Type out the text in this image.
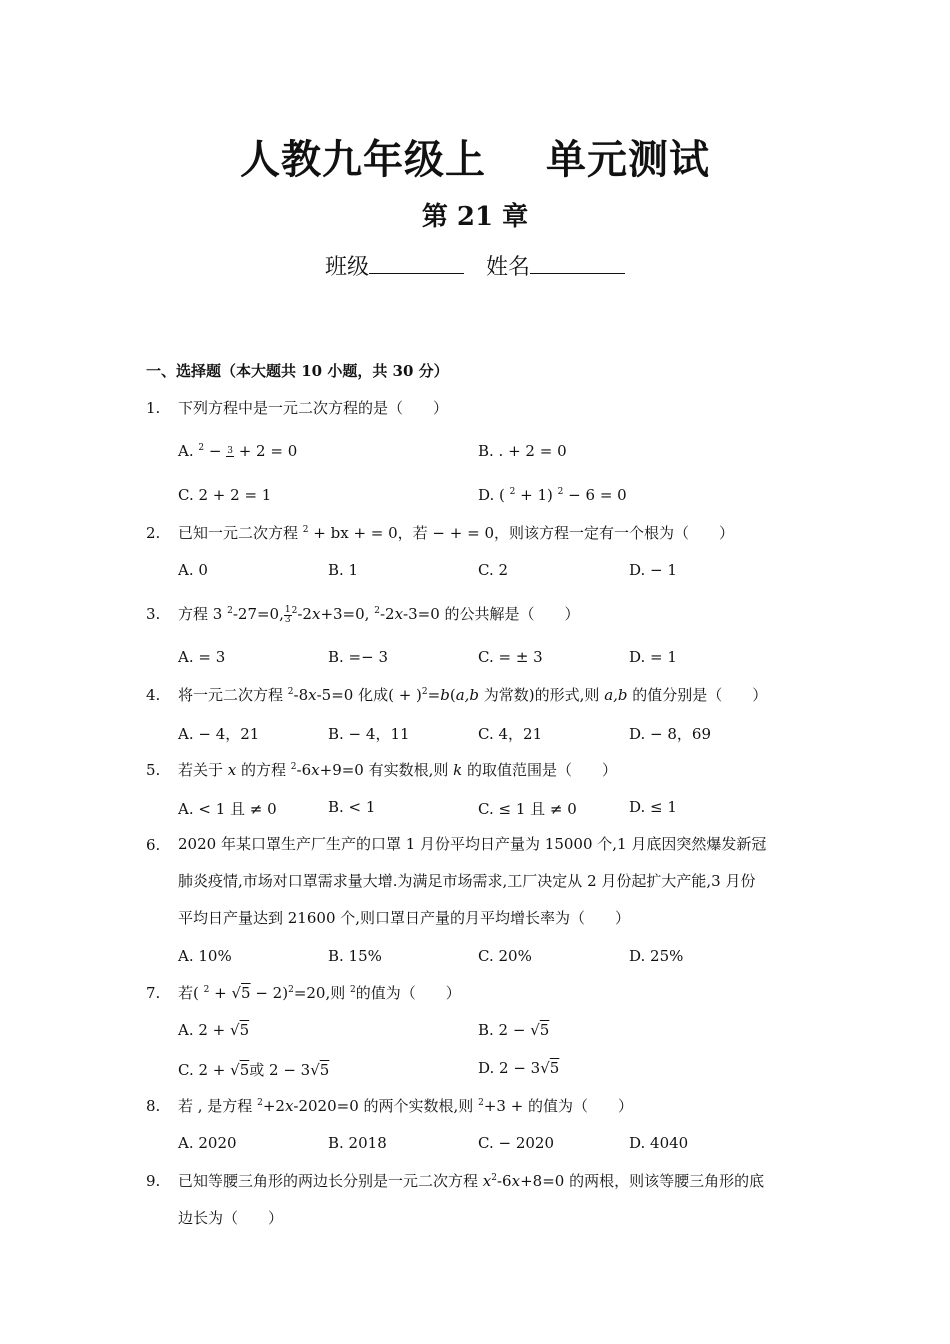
人教九年级上 单元测试
第 21 章
班级	姓名
一、选择题（本大题共 10 小题，共 30 分）
1. 下列方程中是一元二次方程的是（　　）
A. $^2$ − 3 + 2 = 0	B. . + 2 = 0
C. 2 + 2 = 1	D. ( $^2$ + 1) $^2$ − 6 = 0
2. 已知一元二次方程 $^2$ + bx + = 0，若 − + = 0，则该方程一定有一个根为（　　）
A. 0	B. 1	C. 2	D. − 1
3. 方程 3 $^2$-27=0, $\frac{1}{3} ^2-2x+3=0$, $^2$-2x-3=0 的公共解是（　　）
A. = 3	B. =− 3	C. = ± 3	D. = 1
4. 将一元二次方程 $^2$-8x-5=0 化成( + )$^2$=b(a,b 为常数)的形式,则 a,b 的值分别是（　　）
A. − 4，21	B. − 4，11	C. 4，21	D. − 8，69
5. 若关于 x 的方程 $^2$-6x+9=0 有实数根,则 k 的取值范围是（　　）
A. < 1 且 ≠ 0	B. < 1	C. ≤ 1 且 ≠ 0	D. ≤ 1
6.	2020 年某口罩生产厂生产的口罩 1 月份平均日产量为 15000 个,1 月底因突然爆发新冠
肺炎疫情,市场对口罩需求量大增.为满足市场需求,工厂决定从 2 月份起扩大产能,3 月份
平均日产量达到 21600 个,则口罩日产量的月平均增长率为（　　）
A. 10%	B. 15%	C. 20%	D. 25%
7. 若( $^2$ + √5 − 2)$^2$=20,则 $^2$的值为（　　）
A. 2 + √5	B. 2 − √5
C. 2 + √5或 2 − 3√5	D. 2 − 3√5
8. 若 , 是方程 $^2$+2x-2020=0 的两个实数根,则 $^2$+3 + 的值为（　　）
A. 2020	B. 2018	C. − 2020	D. 4040
9. 已知等腰三角形的两边长分别是一元二次方程 $x^2-6x+8=0$ 的两根，则该等腰三角形的底
边长为（　　）
